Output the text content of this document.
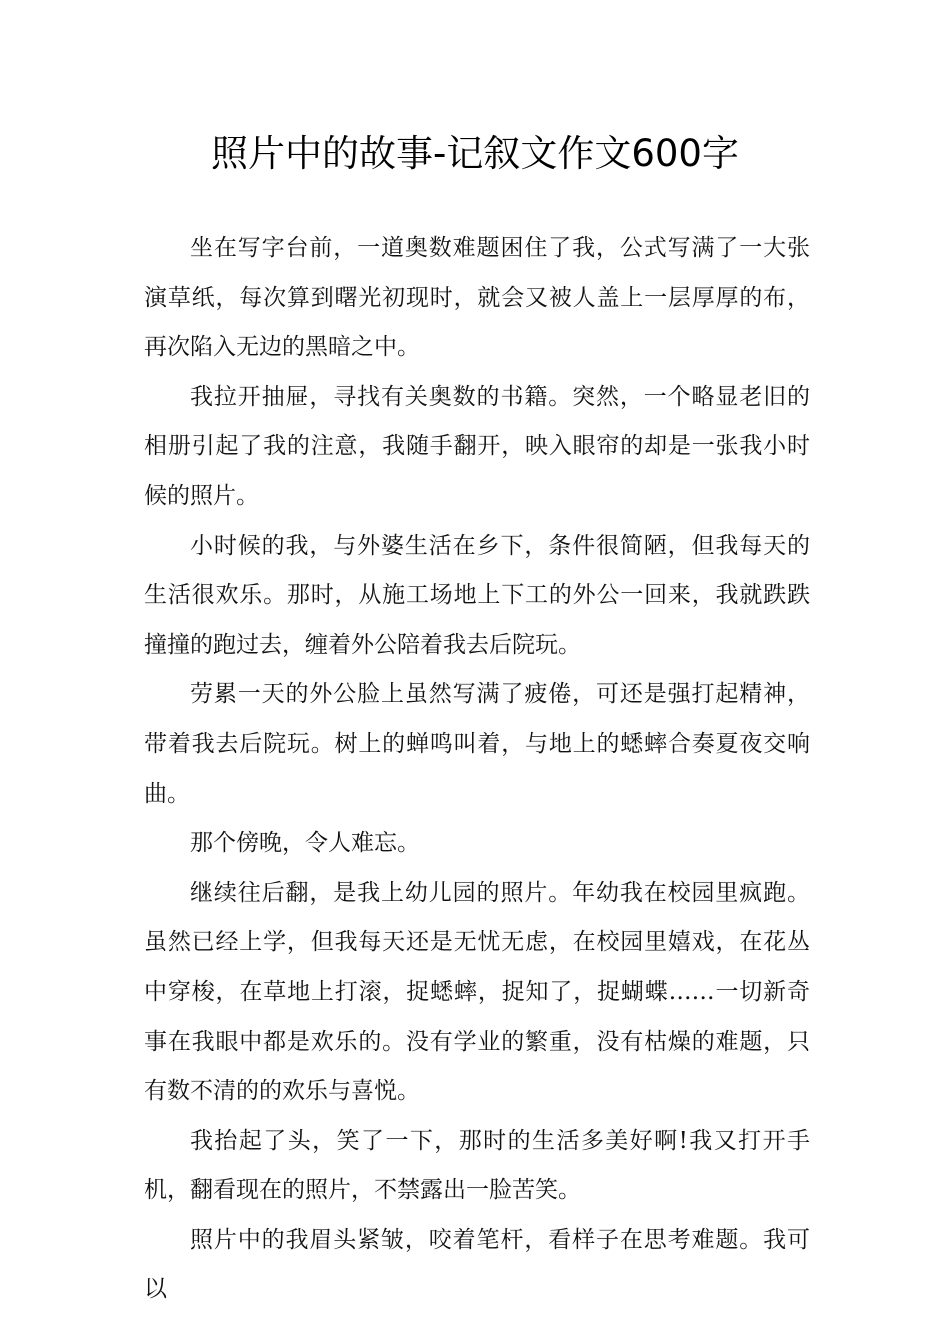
照片中的故事-记叙文作文600字

坐在写字台前，一道奥数难题困住了我，公式写满了一大张演草纸，每次算到曙光初现时，就会又被人盖上一层厚厚的布，再次陷入无边的黑暗之中。

我拉开抽屉，寻找有关奥数的书籍。突然，一个略显老旧的相册引起了我的注意，我随手翻开，映入眼帘的却是一张我小时候的照片。

小时候的我，与外婆生活在乡下，条件很简陋，但我每天的生活很欢乐。那时，从施工场地上下工的外公一回来，我就跌跌撞撞的跑过去，缠着外公陪着我去后院玩。

劳累一天的外公脸上虽然写满了疲倦，可还是强打起精神，带着我去后院玩。树上的蝉鸣叫着，与地上的蟋蟀合奏夏夜交响曲。

那个傍晚，令人难忘。

继续往后翻，是我上幼儿园的照片。年幼我在校园里疯跑。虽然已经上学，但我每天还是无忧无虑，在校园里嬉戏，在花丛中穿梭，在草地上打滚，捉蟋蟀，捉知了，捉蝴蝶……一切新奇事在我眼中都是欢乐的。没有学业的繁重，没有枯燥的难题，只有数不清的的欢乐与喜悦。

我抬起了头，笑了一下，那时的生活多美好啊!我又打开手机，翻看现在的照片，不禁露出一脸苦笑。

照片中的我眉头紧皱，咬着笔杆，看样子在思考难题。我可以
